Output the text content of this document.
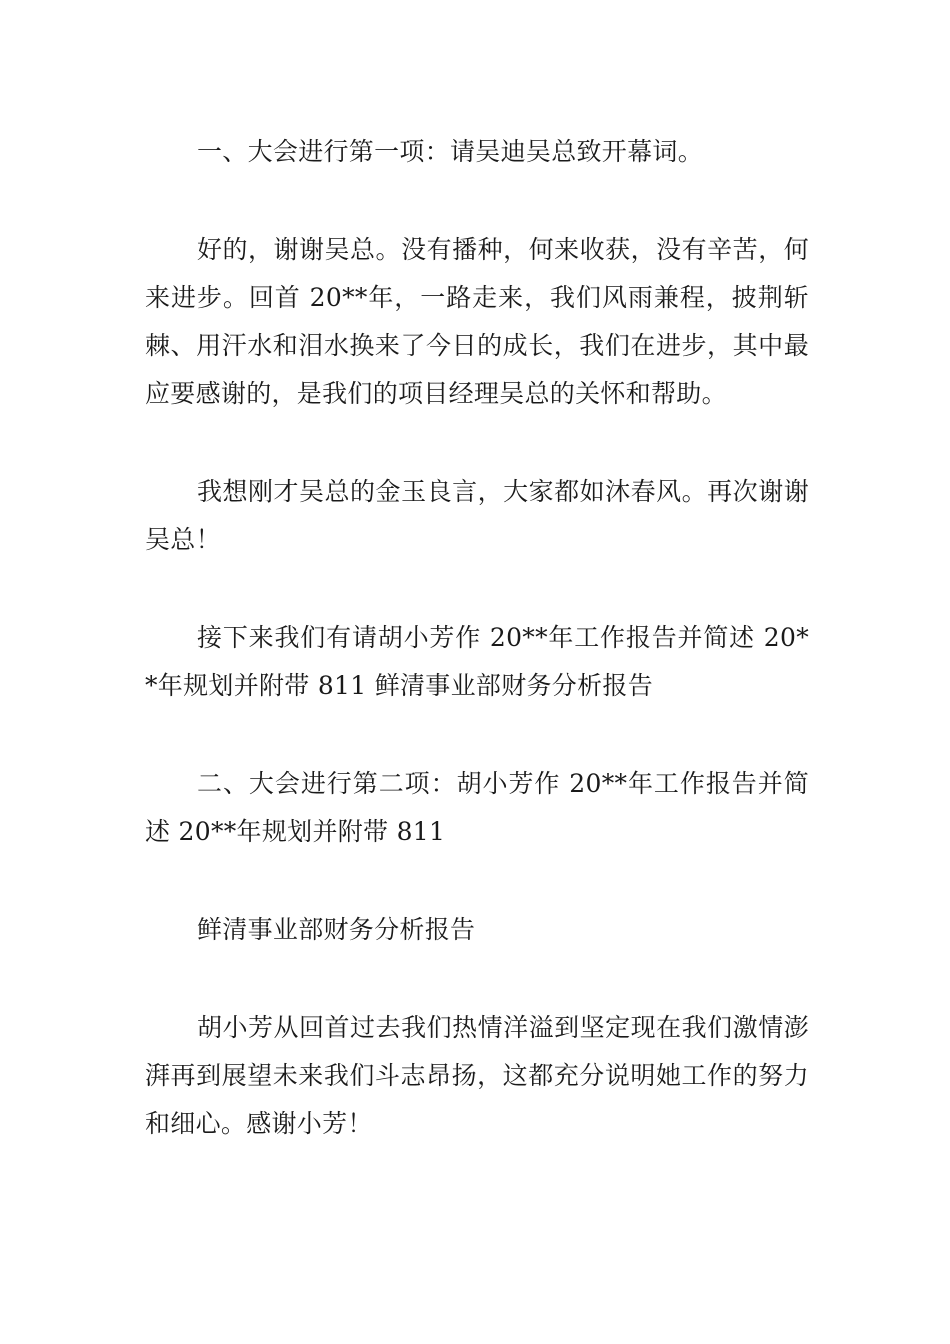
一、大会进行第一项：请吴迪吴总致开幕词。

好的，谢谢吴总。没有播种，何来收获，没有辛苦，何来进步。回首 20**年，一路走来，我们风雨兼程，披荆斩棘、用汗水和泪水换来了今日的成长，我们在进步，其中最应要感谢的，是我们的项目经理吴总的关怀和帮助。

我想刚才吴总的金玉良言，大家都如沐春风。再次谢谢吴总！

接下来我们有请胡小芳作 20**年工作报告并简述 20**年规划并附带 811 鲜清事业部财务分析报告

二、大会进行第二项：胡小芳作 20**年工作报告并简述 20**年规划并附带 811

鲜清事业部财务分析报告

胡小芳从回首过去我们热情洋溢到坚定现在我们激情澎湃再到展望未来我们斗志昂扬，这都充分说明她工作的努力和细心。感谢小芳！
